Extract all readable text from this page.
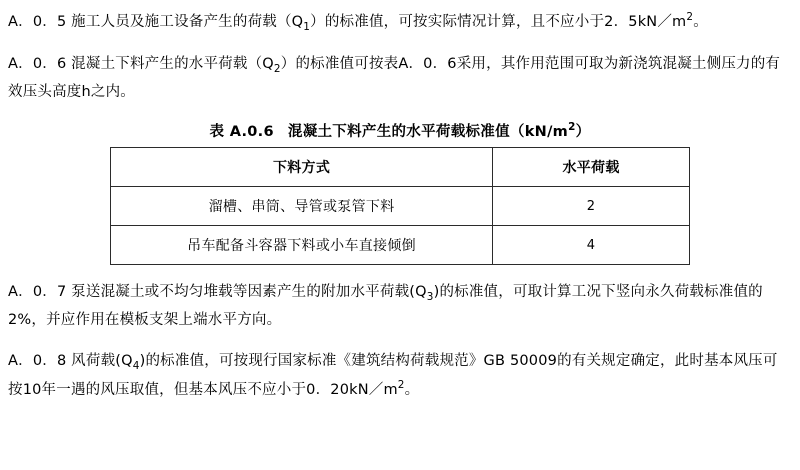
A．0．5 施工人员及施工设备产生的荷载$(Q_1)$的标准值，可按实际情况计算，且不应小于2．$5kN/m^2$。

A．0．6 混凝土下料产生的水平荷载$(Q_2)$的标准值可按表A．0．6采用，其作用范围可取为新浇筑混凝土侧压力的有效压头高度h之内。

表 A.0.6 混凝土下料产生的水平荷载标准值$(kN/m^2)$
下料方式	水平荷载
溜槽、串筒、导管或泵管下料	2
吊车配备斗容器下料或小车直接倾倒	4

A．0．7 泵送混凝土或不均匀堆载等因素产生的附加水平荷载$(Q_3)$的标准值，可取计算工况下竖向永久荷载标准值的2%，并应作用在模板支架上端水平方向。

A．0．8 风荷载$(Q_4)$的标准值，可按现行国家标准《建筑结构荷载规范》GB 50009的有关规定确定，此时基本风压可按10年一遇的风压取值，但基本风压不应小于0．$20kN/m^2$。
